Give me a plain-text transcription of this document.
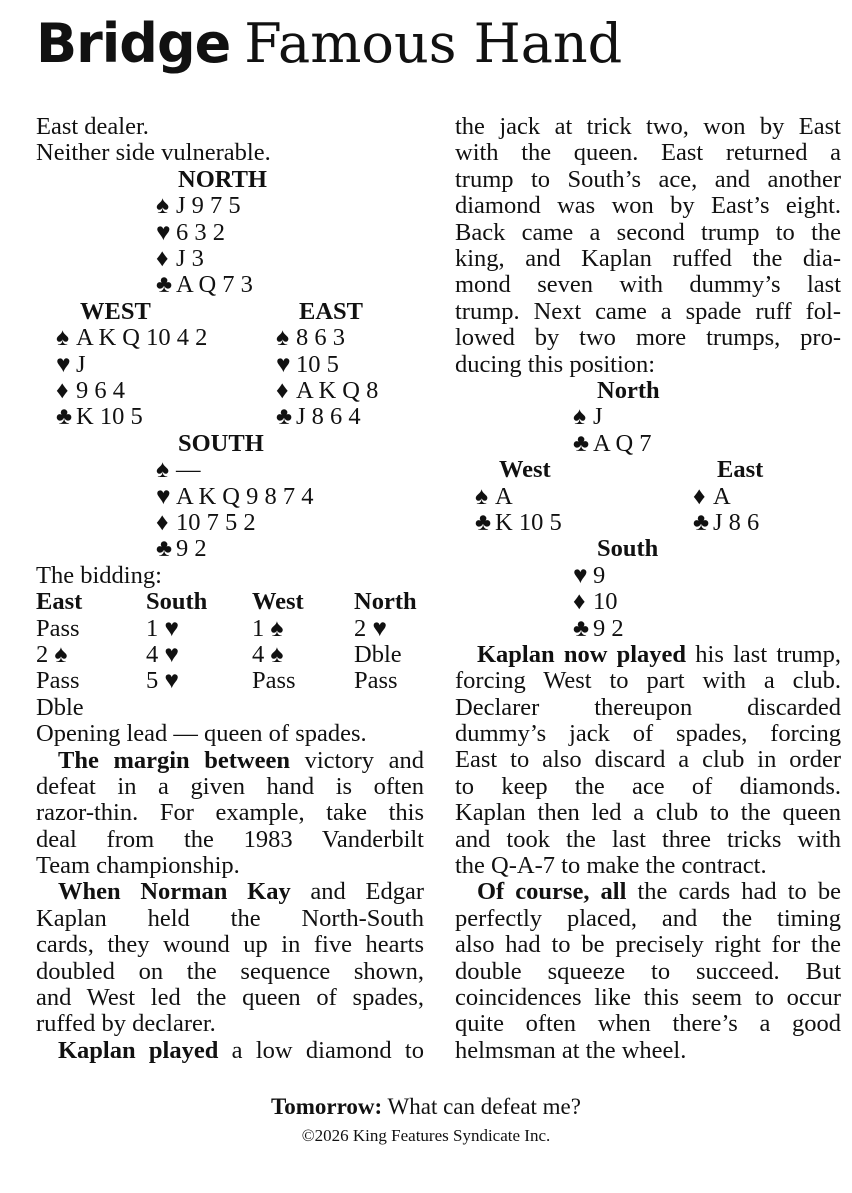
Bridge Famous Hand
East dealer.
Neither side vulnerable.
NORTH
♠ J 9 7 5
♥ 6 3 2
♦ J 3
♣ A Q 7 3
WEST
♠ A K Q 10 4 2
♥ J
♦ 9 6 4
♣ K 10 5
EAST
♠ 8 6 3
♥ 10 5
♦ A K Q 8
♣ J 8 6 4
SOUTH
♠ —
♥ A K Q 9 8 7 4
♦ 10 7 5 2
♣ 9 2
The bidding:
East	South West North
Pass	1 ♥	1 ♠	2 ♥
2 ♠	4 ♥	4 ♠	Dble
Pass	5 ♥	Pass Pass
Dble
Opening lead — queen of spades.
The margin between victory and
defeat in a given hand is often
razor-thin. For example, take this
deal from the 1983 Vanderbilt
Team championship.
When Norman Kay and Edgar
Kaplan held the North-South
cards, they wound up in five hearts
doubled on the sequence shown,
and West led the queen of spades,
ruffed by declarer.
Kaplan played a low diamond to
the jack at trick two, won by East
with the queen. East returned a
trump to South’s ace, and another
diamond was won by East’s eight.
Back came a second trump to the
king, and Kaplan ruffed the dia-
mond seven with dummy’s last
trump. Next came a spade ruff fol-
lowed by two more trumps, pro-
ducing this position:
North
♠ J
♣ A Q 7
West
♠ A
♣ K 10 5
East
♦ A
♣ J 8 6
South
♥ 9
♦ 10
♣ 9 2
Kaplan now played his last trump,
forcing West to part with a club.
Declarer thereupon discarded
dummy’s jack of spades, forcing
East to also discard a club in order
to keep the ace of diamonds.
Kaplan then led a club to the queen
and took the last three tricks with
the Q-A-7 to make the contract.
Of course, all the cards had to be
perfectly placed, and the timing
also had to be precisely right for the
double squeeze to succeed. But
coincidences like this seem to occur
quite often when there’s a good
helmsman at the wheel.
Tomorrow: What can defeat me?
©2026 King Features Syndicate Inc.
